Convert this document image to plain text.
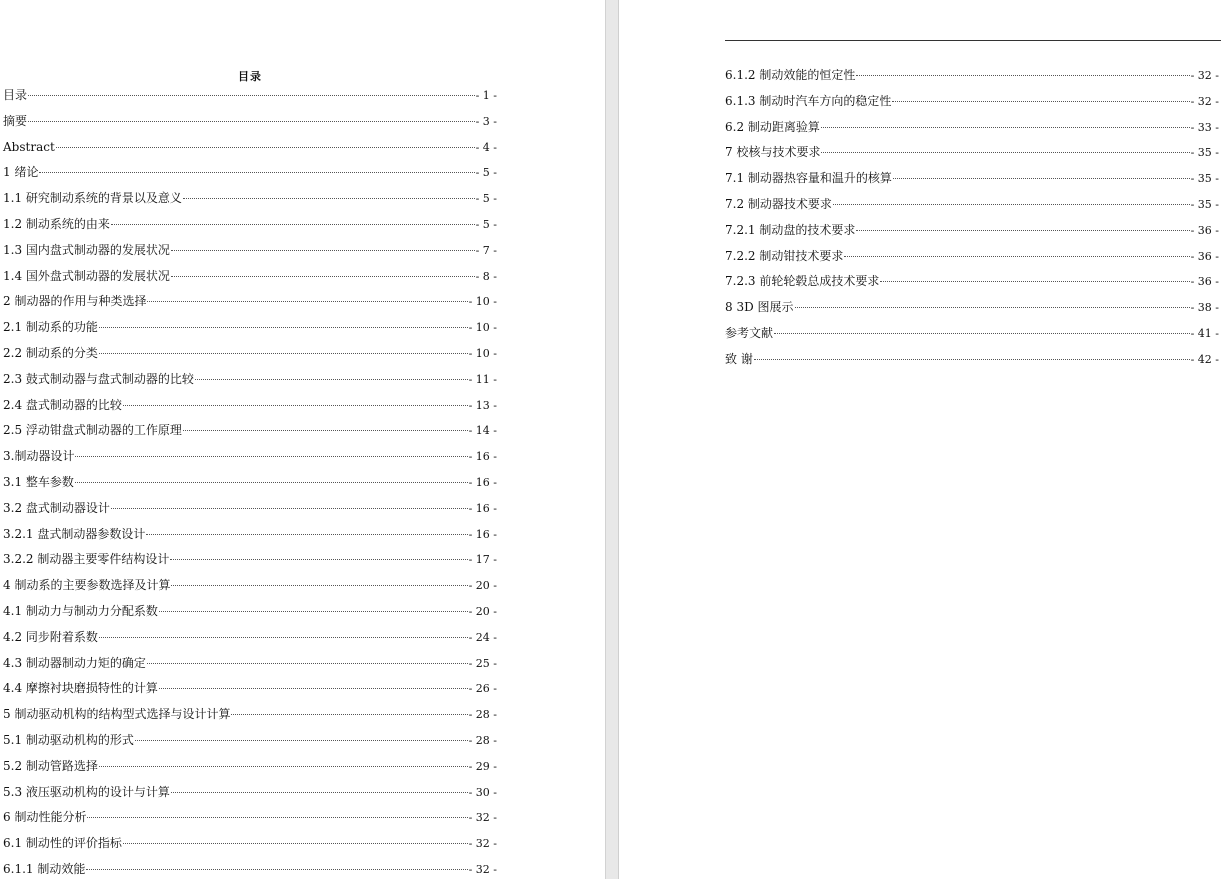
目录
目录	- 1 -
摘要	- 3 -
Abstract	- 4 -
1 绪论	- 5 -
1.1 研究制动系统的背景以及意义	- 5 -
1.2 制动系统的由来	- 5 -
1.3 国内盘式制动器的发展状况	- 7 -
1.4 国外盘式制动器的发展状况	- 8 -
2 制动器的作用与种类选择	- 10 -
2.1 制动系的功能	- 10 -
2.2 制动系的分类	- 10 -
2.3 鼓式制动器与盘式制动器的比较	- 11 -
2.4 盘式制动器的比较	- 13 -
2.5 浮动钳盘式制动器的工作原理	- 14 -
3.制动器设计	- 16 -
3.1 整车参数	- 16 -
3.2 盘式制动器设计	- 16 -
3.2.1 盘式制动器参数设计	- 16 -
3.2.2 制动器主要零件结构设计	- 17 -
4 制动系的主要参数选择及计算	- 20 -
4.1 制动力与制动力分配系数	- 20 -
4.2 同步附着系数	- 24 -
4.3 制动器制动力矩的确定	- 25 -
4.4 摩擦衬块磨损特性的计算	- 26 -
5 制动驱动机构的结构型式选择与设计计算	- 28 -
5.1 制动驱动机构的形式	- 28 -
5.2 制动管路选择	- 29 -
5.3 液压驱动机构的设计与计算	- 30 -
6 制动性能分析	- 32 -
6.1 制动性的评价指标	- 32 -
6.1.1 制动效能	- 32 -
6.1.2 制动效能的恒定性	- 32 -
6.1.3 制动时汽车方向的稳定性	- 32 -
6.2 制动距离验算	- 33 -
7 校核与技术要求	- 35 -
7.1 制动器热容量和温升的核算	- 35 -
7.2 制动器技术要求	- 35 -
7.2.1 制动盘的技术要求	- 36 -
7.2.2 制动钳技术要求	- 36 -
7.2.3 前轮轮毂总成技术要求	- 36 -
8 3D 图展示	- 38 -
参考文献	- 41 -
致 谢	- 42 -
